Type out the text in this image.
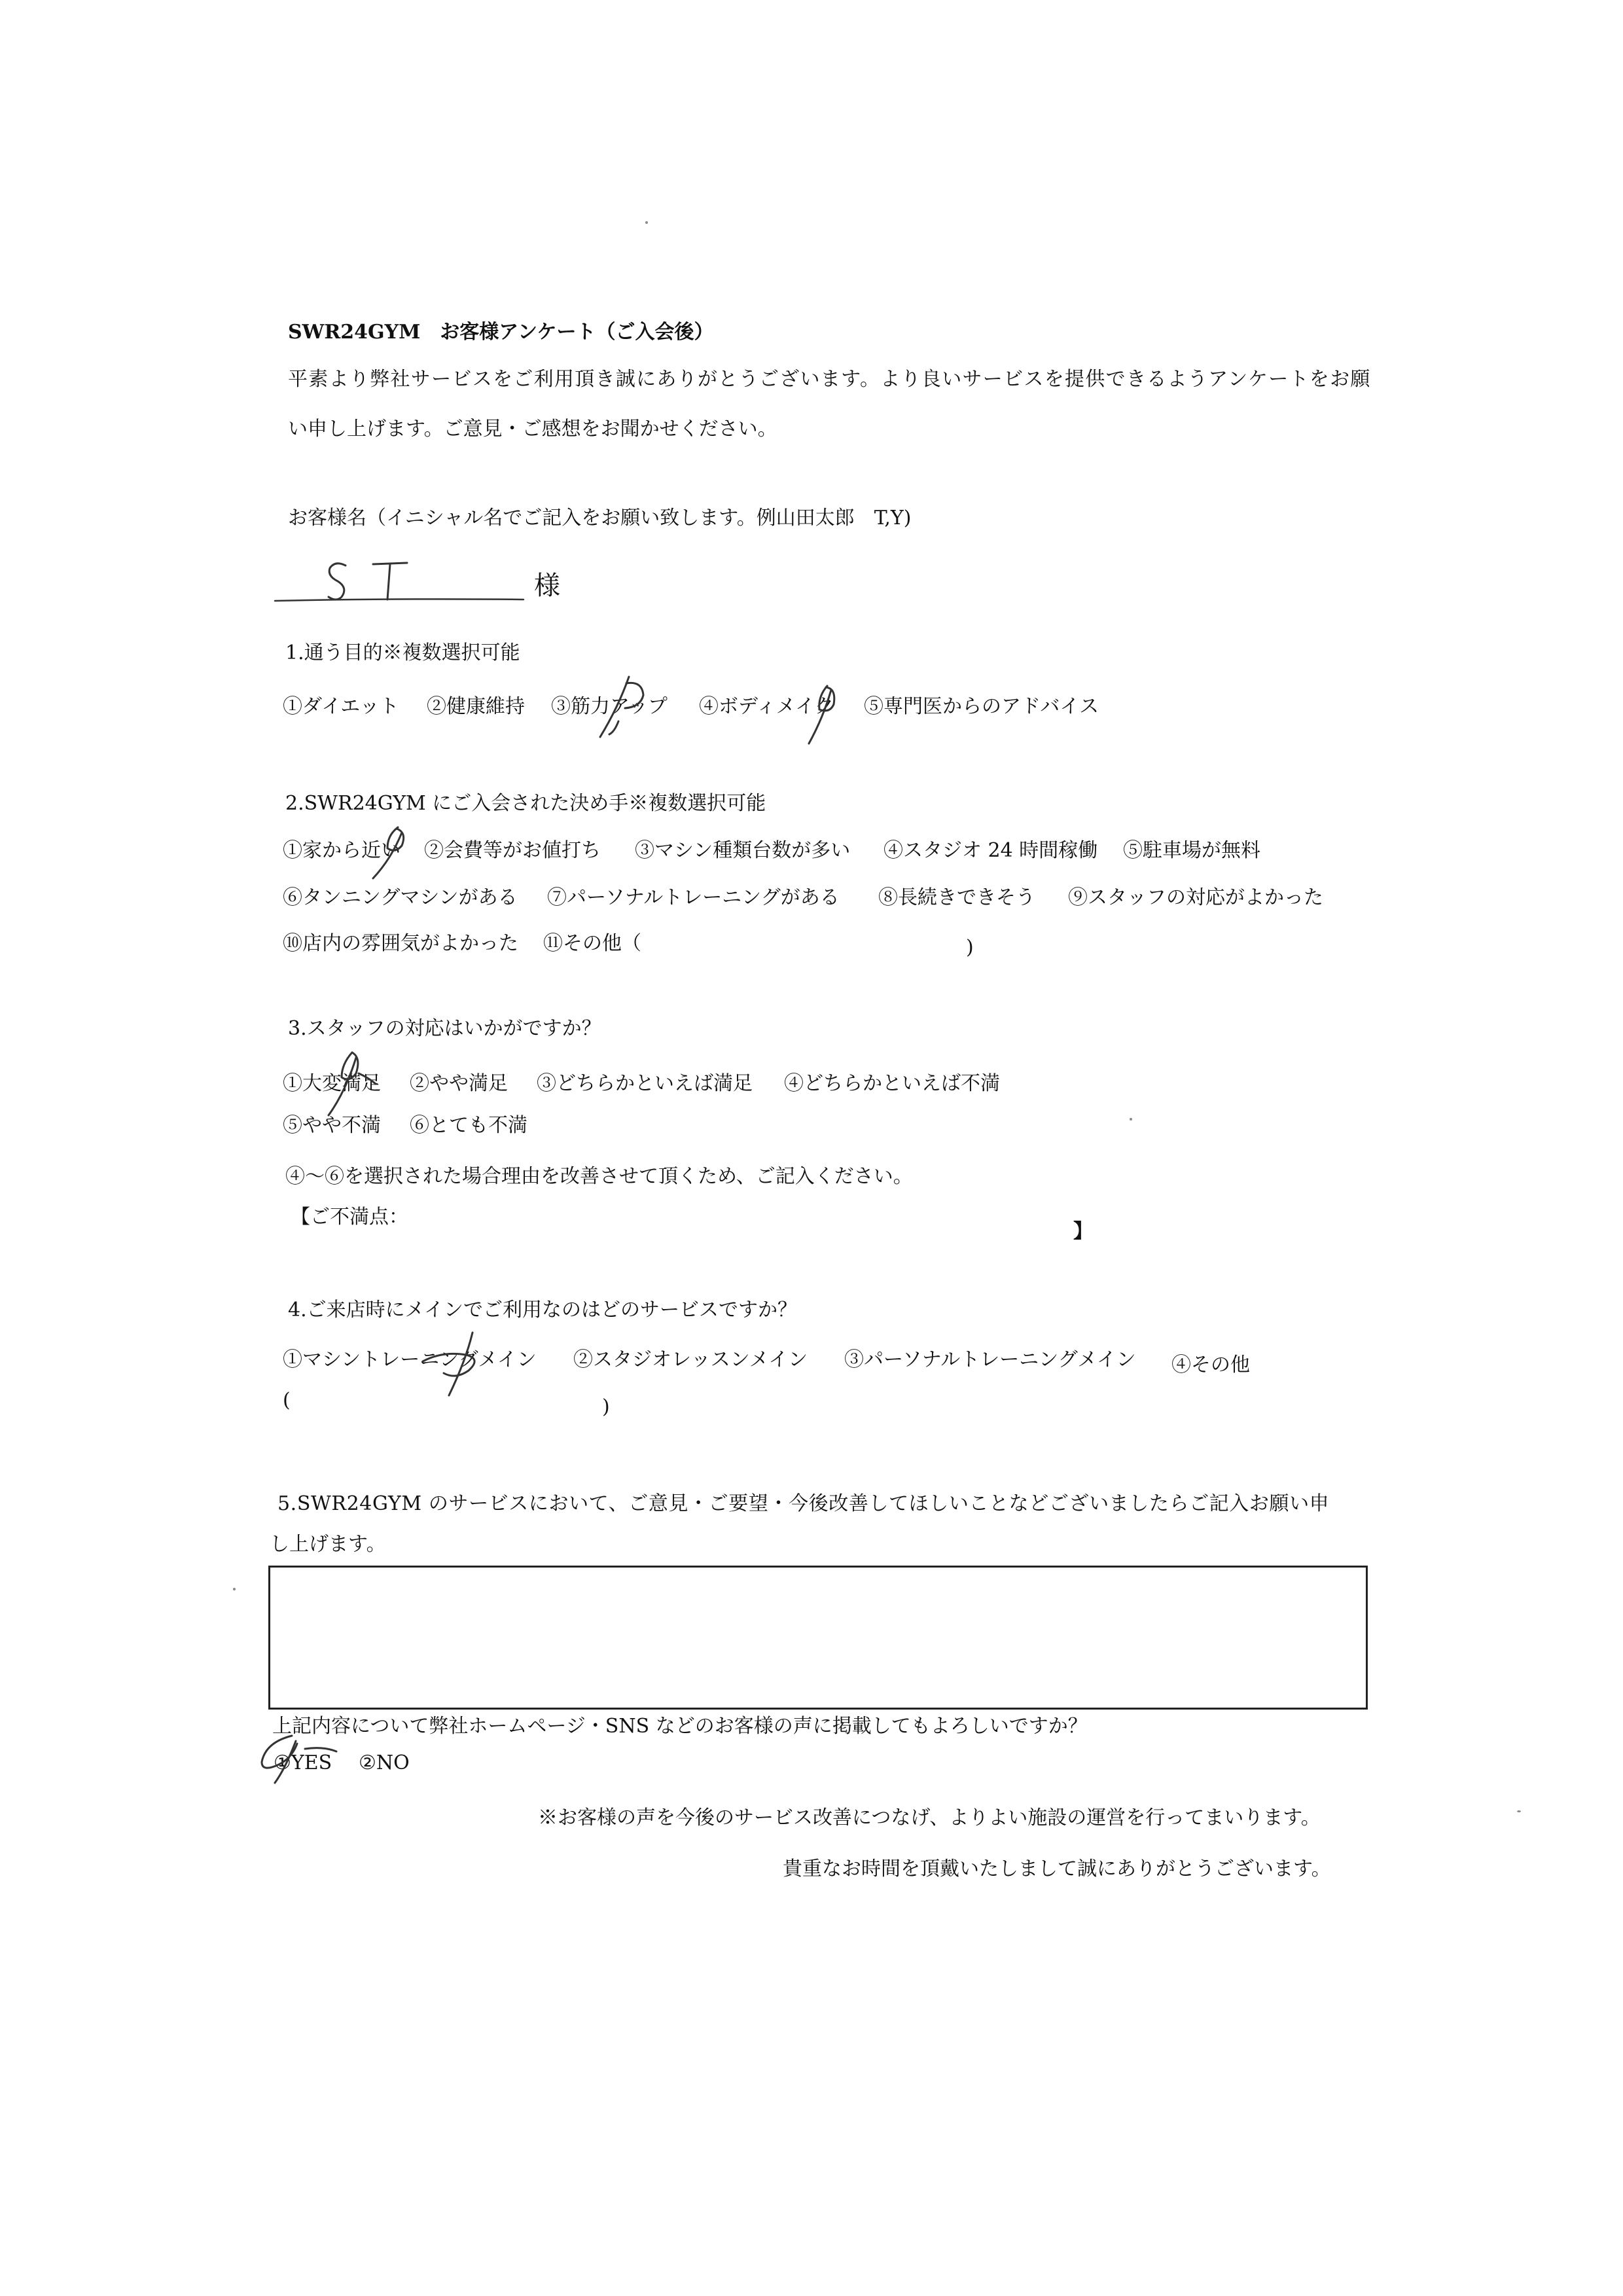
SWR24GYM　お客様アンケート（ご入会後）
平素より弊社サービスをご利用頂き誠にありがとうございます。より良いサービスを提供できるようアンケートをお願
い申し上げます。ご意見・ご感想をお聞かせください。
お客様名（イニシャル名でご記入をお願い致します。例山田太郎　T,Y)
様
1.通う目的※複数選択可能
①ダイエット ②健康維持 ③筋力アップ ④ボディメイク ⑤専門医からのアドバイス
2.SWR24GYM にご入会された決め手※複数選択可能
①家から近い ②会費等がお値打ち ③マシン種類台数が多い ④スタジオ 24 時間稼働 ⑤駐車場が無料
⑥タンニングマシンがある ⑦パーソナルトレーニングがある ⑧長続きできそう ⑨スタッフの対応がよかった
⑩店内の雰囲気がよかった ⑪その他（	)
3.スタッフの対応はいかがですか？
①大変満足 ②やや満足 ③どちらかといえば満足 ④どちらかといえば不満
⑤やや不満 ⑥とても不満
④～⑥を選択された場合理由を改善させて頂くため、ご記入ください。
【ご不満点：
】
4.ご来店時にメインでご利用なのはどのサービスですか？
①マシントレーニングメイン ②スタジオレッスンメイン ③パーソナルトレーニングメイン ④その他
(	)
5.SWR24GYM のサービスにおいて、ご意見・ご要望・今後改善してほしいことなどございましたらご記入お願い申
し上げます。
上記内容について弊社ホームページ・SNS などのお客様の声に掲載してもよろしいですか？
①YES ②NO
※お客様の声を今後のサービス改善につなげ、よりよい施設の運営を行ってまいります。
貴重なお時間を頂戴いたしまして誠にありがとうございます。
